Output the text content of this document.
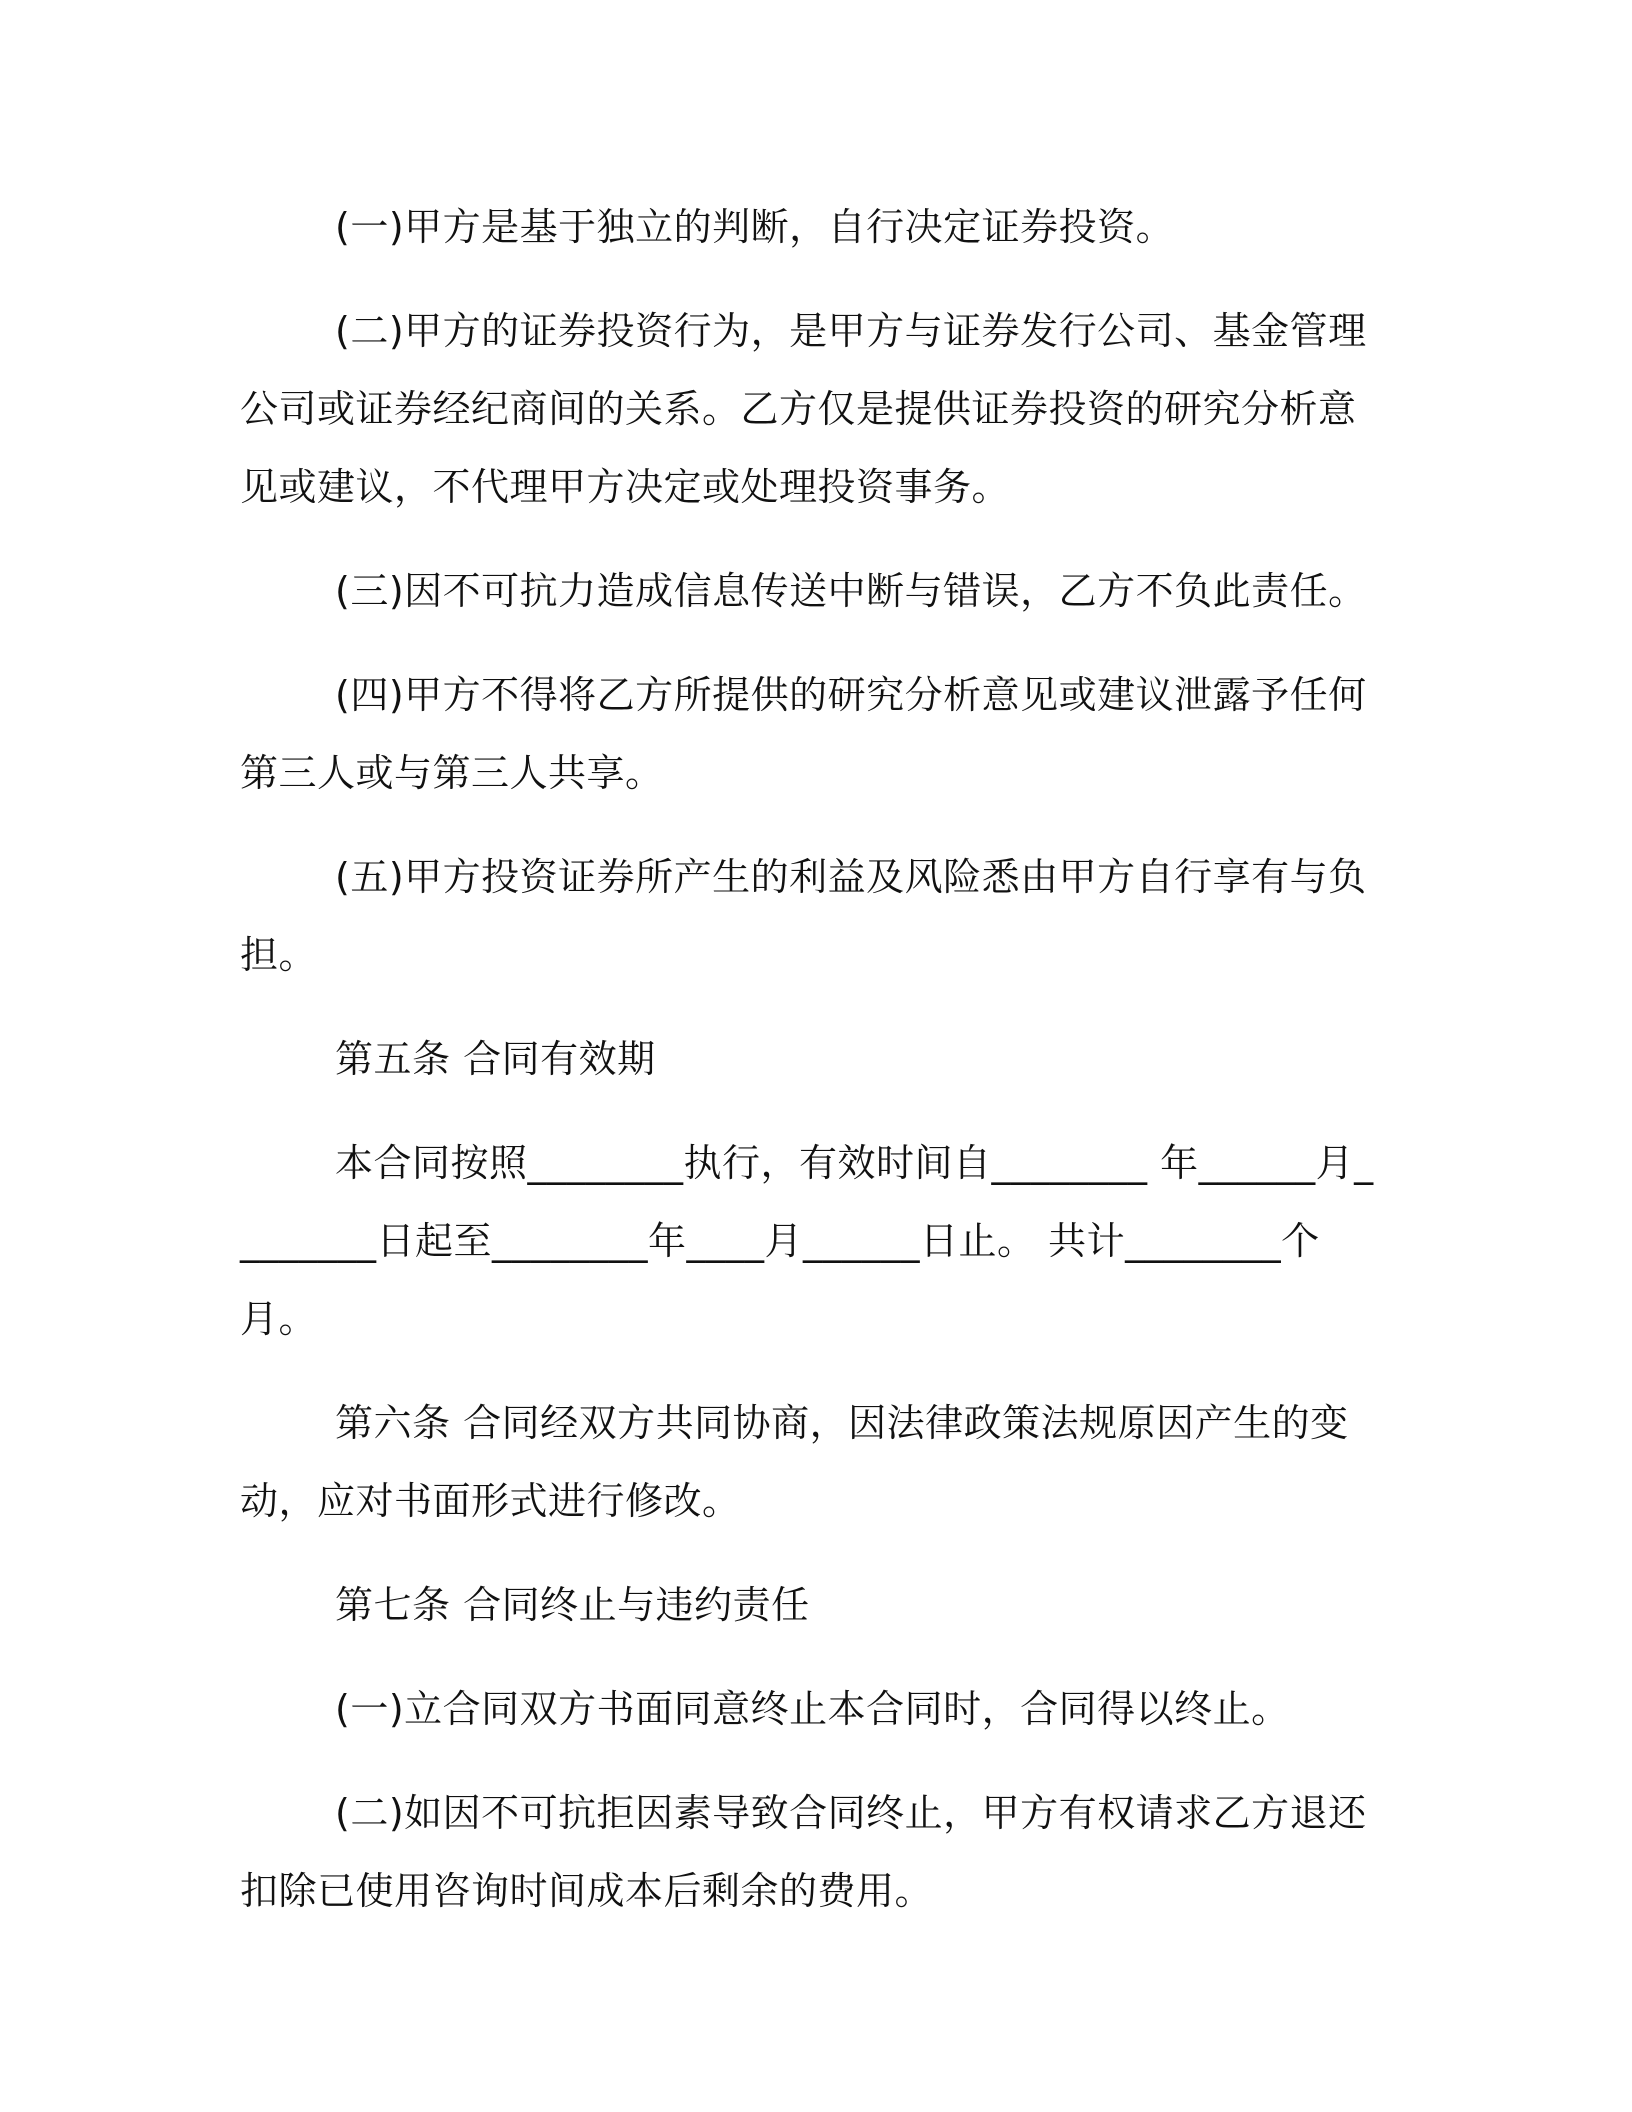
(一)甲方是基于独立的判断，自行决定证券投资。

(二)甲方的证券投资行为，是甲方与证券发行公司、基金管理公司或证券经纪商间的关系。乙方仅是提供证券投资的研究分析意见或建议，不代理甲方决定或处理投资事务。

(三)因不可抗力造成信息传送中断与错误，乙方不负此责任。

(四)甲方不得将乙方所提供的研究分析意见或建议泄露予任何第三人或与第三人共享。

(五)甲方投资证券所产生的利益及风险悉由甲方自行享有与负担。

第五条 合同有效期

本合同按照________执行，有效时间自________ 年______月________日起至________年____月______日止。 共计________个月。

第六条 合同经双方共同协商，因法律政策法规原因产生的变动，应对书面形式进行修改。

第七条 合同终止与违约责任

(一)立合同双方书面同意终止本合同时，合同得以终止。

(二)如因不可抗拒因素导致合同终止，甲方有权请求乙方退还扣除已使用咨询时间成本后剩余的费用。
